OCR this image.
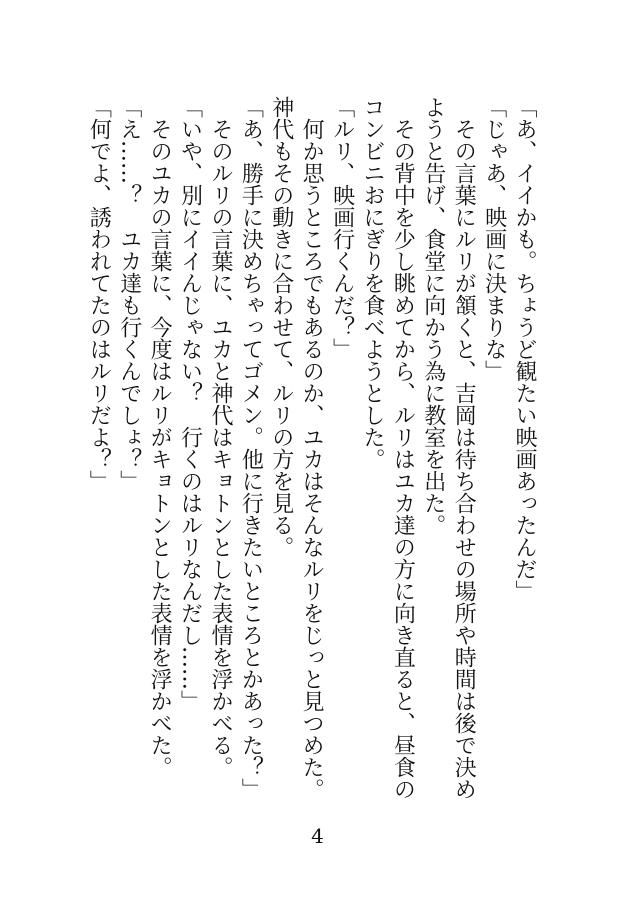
「あ、イイかも。ちょうど観たい映画あったんだ」
「じゃあ、映画に決まりな」
　その言葉にルリが頷くと、吉岡は待ち合わせの場所や時間は後で決め
ようと告げ、食堂に向かう為に教室を出た。
　その背中を少し眺めてから、ルリはユカ達の方に向き直ると、昼食の
コンビニおにぎりを食べようとした。
「ルリ、映画行くんだ？」
　何か思うところでもあるのか、ユカはそんなルリをじっと見つめた。
神代もその動きに合わせて、ルリの方を見る。
「あ、勝手に決めちゃってゴメン。他に行きたいところとかあった？」
　そのルリの言葉に、ユカと神代はキョトンとした表情を浮かべる。
「いや、別にイイんじゃない？　行くのはルリなんだし……」
　そのユカの言葉に、今度はルリがキョトンとした表情を浮かべた。
「え……？　ユカ達も行くんでしょ？」
「何でよ、誘われてたのはルリだよ？」
4
